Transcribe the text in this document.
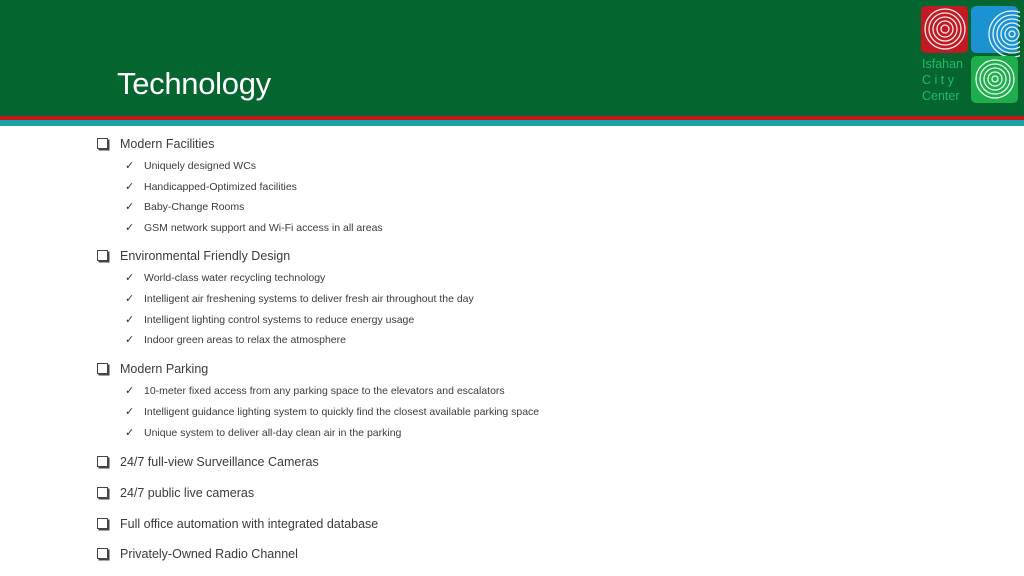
Technology
Isfahan
C i t y
Center
Modern Facilities
✓ Uniquely designed WCs
✓ Handicapped-Optimized facilities
✓ Baby-Change Rooms
✓ GSM network support and Wi-Fi access in all areas
Environmental Friendly Design
✓ World-class water recycling technology
✓ Intelligent air freshening systems to deliver fresh air throughout the day
✓ Intelligent lighting control systems to reduce energy usage
✓ Indoor green areas to relax the atmosphere
Modern Parking
✓ 10-meter fixed access from any parking space to the elevators and escalators
✓ Intelligent guidance lighting system to quickly find the closest available parking space
✓ Unique system to deliver all-day clean air in the parking
24/7 full-view Surveillance Cameras
24/7 public live cameras
Full office automation with integrated database
Privately-Owned Radio Channel
